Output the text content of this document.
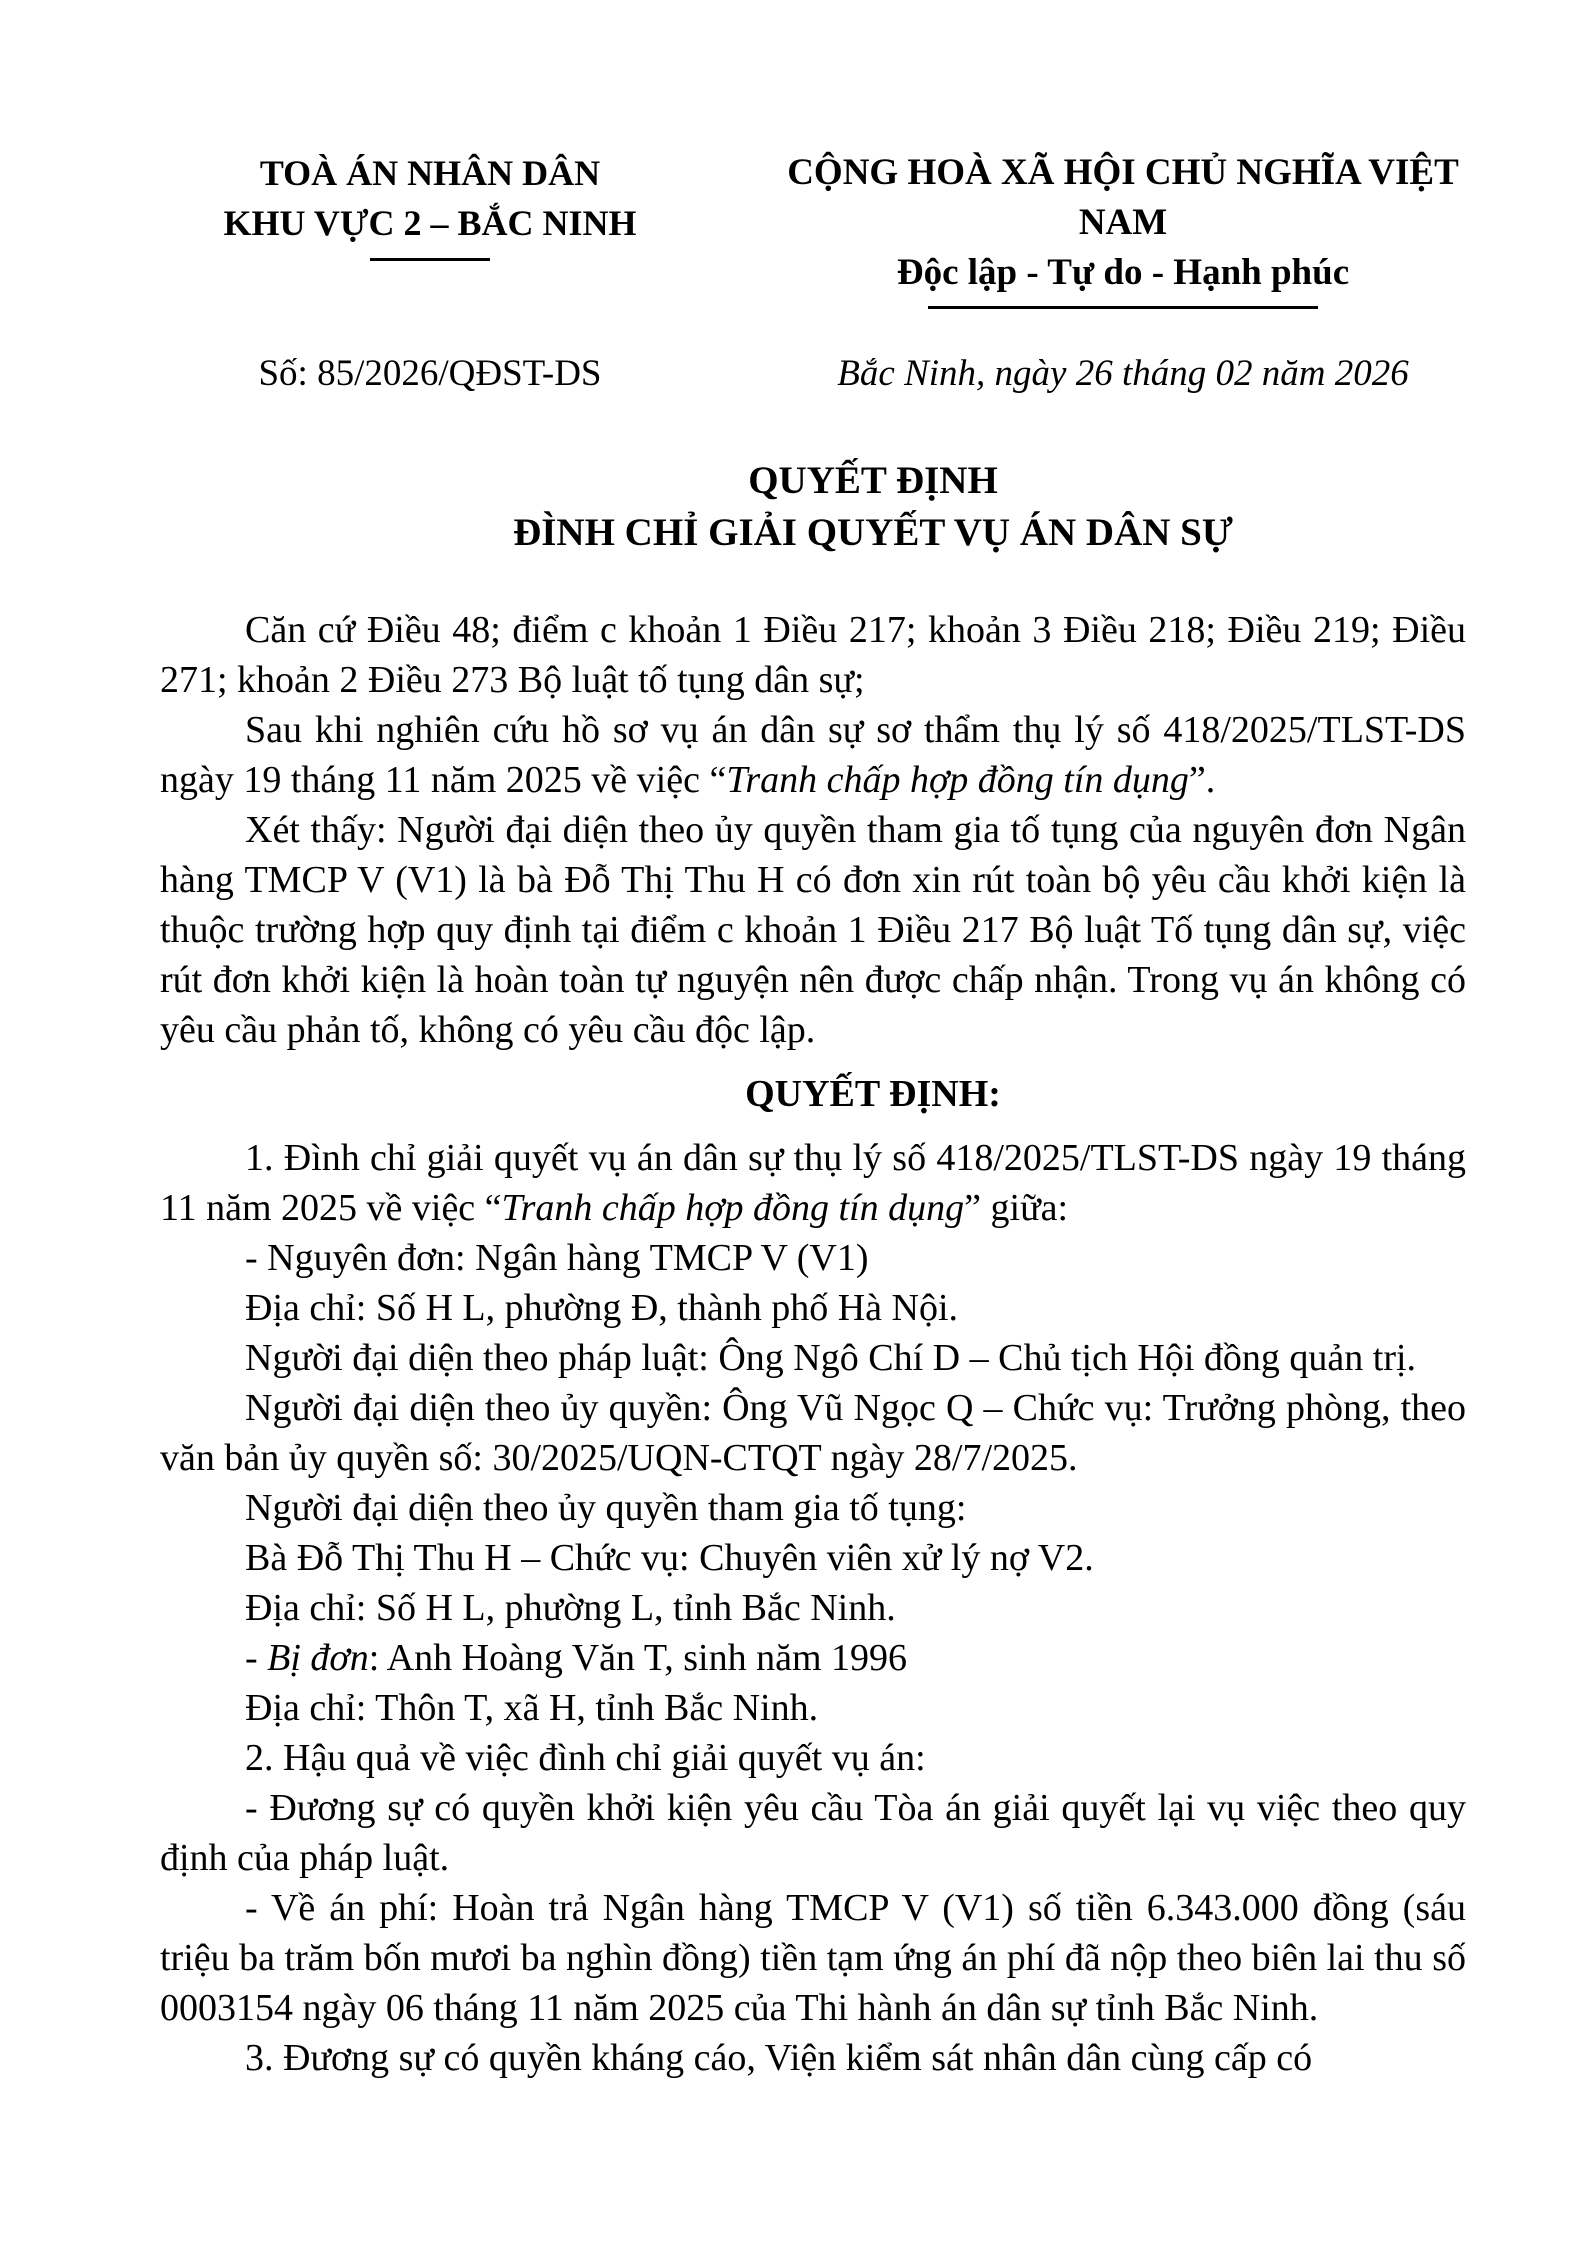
TOÀ ÁN NHÂN DÂN
KHU VỰC 2 – BẮC NINH
CỘNG HOÀ XÃ HỘI CHỦ NGHĨA VIỆT NAM
Độc lập - Tự do - Hạnh phúc
Số: 85/2026/QĐST-DS	Bắc Ninh, ngày 26 tháng 02 năm 2026
QUYẾT ĐỊNH
ĐÌNH CHỈ GIẢI QUYẾT VỤ ÁN DÂN SỰ

Căn cứ Điều 48; điểm c khoản 1 Điều 217; khoản 3 Điều 218; Điều 219; Điều 271; khoản 2 Điều 273 Bộ luật tố tụng dân sự;

Sau khi nghiên cứu hồ sơ vụ án dân sự sơ thẩm thụ lý số 418/2025/TLST-DS ngày 19 tháng 11 năm 2025 về việc “Tranh chấp hợp đồng tín dụng”.

Xét thấy: Người đại diện theo ủy quyền tham gia tố tụng của nguyên đơn Ngân hàng TMCP V (V1) là bà Đỗ Thị Thu H có đơn xin rút toàn bộ yêu cầu khởi kiện là thuộc trường hợp quy định tại điểm c khoản 1 Điều 217 Bộ luật Tố tụng dân sự, việc rút đơn khởi kiện là hoàn toàn tự nguyện nên được chấp nhận. Trong vụ án không có yêu cầu phản tố, không có yêu cầu độc lập.

QUYẾT ĐỊNH:

1. Đình chỉ giải quyết vụ án dân sự thụ lý số 418/2025/TLST-DS ngày 19 tháng 11 năm 2025 về việc “Tranh chấp hợp đồng tín dụng” giữa:

- Nguyên đơn: Ngân hàng TMCP V (V1)

Địa chỉ: Số H L, phường Đ, thành phố Hà Nội.

Người đại diện theo pháp luật: Ông Ngô Chí D – Chủ tịch Hội đồng quản trị.

Người đại diện theo ủy quyền: Ông Vũ Ngọc Q – Chức vụ: Trưởng phòng, theo văn bản ủy quyền số: 30/2025/UQN-CTQT ngày 28/7/2025.

Người đại diện theo ủy quyền tham gia tố tụng:

Bà Đỗ Thị Thu H – Chức vụ: Chuyên viên xử lý nợ V2.

Địa chỉ: Số H L, phường L, tỉnh Bắc Ninh.

- Bị đơn: Anh Hoàng Văn T, sinh năm 1996

Địa chỉ: Thôn T, xã H, tỉnh Bắc Ninh.

2. Hậu quả về việc đình chỉ giải quyết vụ án:

- Đương sự có quyền khởi kiện yêu cầu Tòa án giải quyết lại vụ việc theo quy định của pháp luật.

- Về án phí: Hoàn trả Ngân hàng TMCP V (V1) số tiền 6.343.000 đồng (sáu triệu ba trăm bốn mươi ba nghìn đồng) tiền tạm ứng án phí đã nộp theo biên lai thu số 0003154 ngày 06 tháng 11 năm 2025 của Thi hành án dân sự tỉnh Bắc Ninh.

3. Đương sự có quyền kháng cáo, Viện kiểm sát nhân dân cùng cấp có
